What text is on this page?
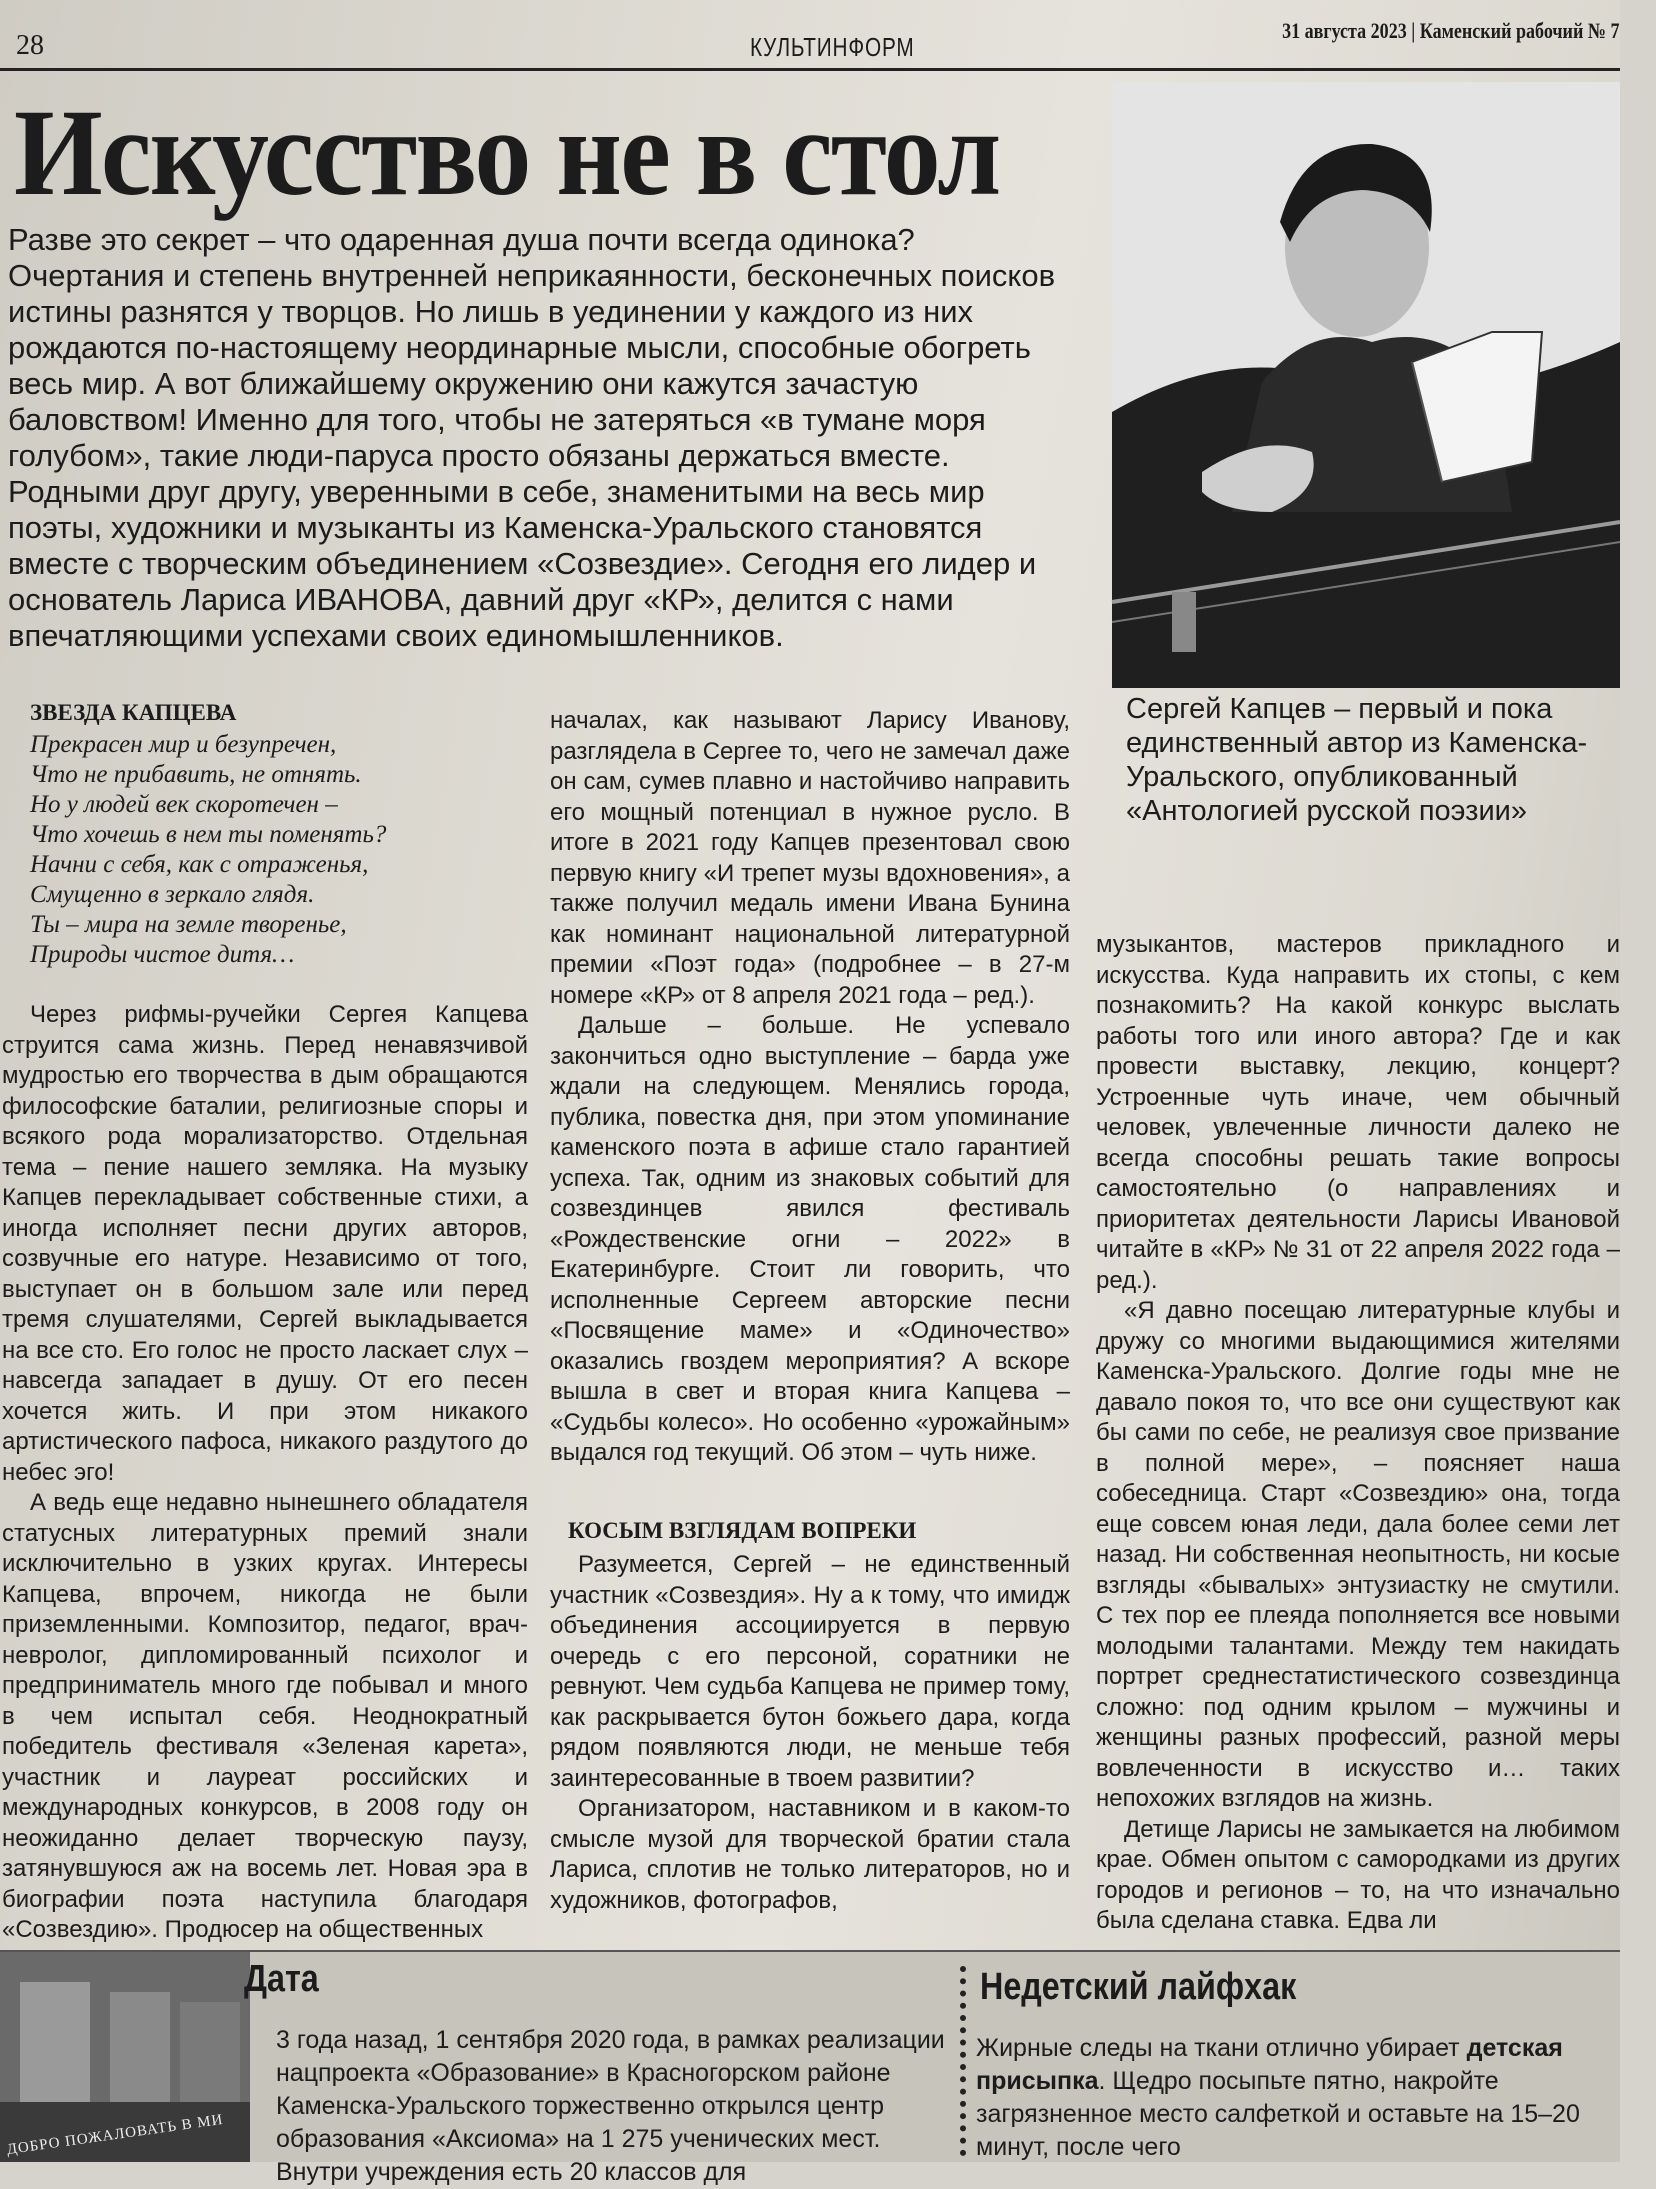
28	КУЛЬТИНФОРМ
31 августа 2023 | Каменский рабочий № 7
Искусство не в стол
Разве это секрет – что одаренная душа почти всегда одинока? Очертания и степень внутренней неприкаянности, бесконечных поисков истины разнятся у творцов. Но лишь в уединении у каждого из них рождаются по-настоящему неординарные мысли, способные обогреть весь мир. А вот ближайшему окружению они кажутся зачастую баловством! Именно для того, чтобы не затеряться «в тумане моря голубом», такие люди-паруса просто обязаны держаться вместе. Родными друг другу, уверенными в себе, знаменитыми на весь мир поэты, художники и музыканты из Каменска-Уральского становятся вместе с творческим объединением «Созвездие». Сегодня его лидер и основатель Лариса ИВАНОВА, давний друг «КР», делится с нами впечатляющими успехами своих единомышленников.
Сергей Капцев – первый и пока единственный автор из Каменска-Уральского, опубликованный «Антологией русской поэзии»
ЗВЕЗДА КАПЦЕВА
Прекрасен мир и безупречен,
Что не прибавить, не отнять.
Но у людей век скоротечен –
Что хочешь в нем ты поменять?
Начни с себя, как с отраженья,
Смущенно в зеркало глядя.
Ты – мира на земле творенье,
Природы чистое дитя…

Через рифмы-ручейки Сергея Капцева струится сама жизнь. Перед ненавязчивой мудростью его творчества в дым обращаются философские баталии, религиозные споры и всякого рода морализаторство. Отдельная тема – пение нашего земляка. На музыку Капцев перекладывает собственные стихи, а иногда исполняет песни других авторов, созвучные его натуре. Независимо от того, выступает он в большом зале или перед тремя слушателями, Сергей выкладывается на все сто. Его голос не просто ласкает слух – навсегда западает в душу. От его песен хочется жить. И при этом никакого артистического пафоса, никакого раздутого до небес эго!

А ведь еще недавно нынешнего обладателя статусных литературных премий знали исключительно в узких кругах. Интересы Капцева, впрочем, никогда не были приземленными. Композитор, педагог, врач-невролог, дипломированный психолог и предприниматель много где побывал и много в чем испытал себя. Неоднократный победитель фестиваля «Зеленая карета», участник и лауреат российских и международных конкурсов, в 2008 году он неожиданно делает творческую паузу, затянувшуюся аж на восемь лет. Новая эра в биографии поэта наступила благодаря «Созвездию». Продюсер на общественных

началах, как называют Ларису Иванову, разглядела в Сергее то, чего не замечал даже он сам, сумев плавно и настойчиво направить его мощный потенциал в нужное русло. В итоге в 2021 году Капцев презентовал свою первую книгу «И трепет музы вдохновения», а также получил медаль имени Ивана Бунина как номинант национальной литературной премии «Поэт года» (подробнее – в 27-м номере «КР» от 8 апреля 2021 года – ред.).

Дальше – больше. Не успевало закончиться одно выступление – барда уже ждали на следующем. Менялись города, публика, повестка дня, при этом упоминание каменского поэта в афише стало гарантией успеха. Так, одним из знаковых событий для созвездинцев явился фестиваль «Рождественские огни – 2022» в Екатеринбурге. Стоит ли говорить, что исполненные Сергеем авторские песни «Посвящение маме» и «Одиночество» оказались гвоздем мероприятия? А вскоре вышла в свет и вторая книга Капцева – «Судьбы колесо». Но особенно «урожайным» выдался год текущий. Об этом – чуть ниже.

КОСЫМ ВЗГЛЯДАМ ВОПРЕКИ

Разумеется, Сергей – не единственный участник «Созвездия». Ну а к тому, что имидж объединения ассоциируется в первую очередь с его персоной, соратники не ревнуют. Чем судьба Капцева не пример тому, как раскрывается бутон божьего дара, когда рядом появляются люди, не меньше тебя заинтересованные в твоем развитии?

Организатором, наставником и в каком-то смысле музой для творческой братии стала Лариса, сплотив не только литераторов, но и художников, фотографов,

музыкантов, мастеров прикладного и искусства. Куда направить их стопы, с кем познакомить? На какой конкурс выслать работы того или иного автора? Где и как провести выставку, лекцию, концерт? Устроенные чуть иначе, чем обычный человек, увлеченные личности далеко не всегда способны решать такие вопросы самостоятельно (о направлениях и приоритетах деятельности Ларисы Ивановой читайте в «КР» № 31 от 22 апреля 2022 года – ред.).

«Я давно посещаю литературные клубы и дружу со многими выдающимися жителями Каменска-Уральского. Долгие годы мне не давало покоя то, что все они существуют как бы сами по себе, не реализуя свое призвание в полной мере», – поясняет наша собеседница. Старт «Созвездию» она, тогда еще совсем юная леди, дала более семи лет назад. Ни собственная неопытность, ни косые взгляды «бывалых» энтузиастку не смутили. С тех пор ее плеяда пополняется все новыми молодыми талантами. Между тем накидать портрет среднестатистического созвездинца сложно: под одним крылом – мужчины и женщины разных профессий, разной меры вовлеченности в искусство и… таких непохожих взглядов на жизнь.

Детище Ларисы не замыкается на любимом крае. Обмен опытом с самородками из других городов и регионов – то, на что изначально была сделана ставка. Едва ли

ДОБРО ПОЖАЛОВАТЬ В МИ
Дата
3 года назад, 1 сентября 2020 года, в рамках реализации нацпроекта «Образование» в Красногорском районе Каменска-Уральского торжественно открылся центр образования «Аксиома» на 1 275 ученических мест. Внутри учреждения есть 20 классов для
Недетский лайфхак
Жирные следы на ткани отлично убирает детская присыпка. Щедро посыпьте пятно, накройте загрязненное место салфеткой и оставьте на 15–20 минут, после чего
